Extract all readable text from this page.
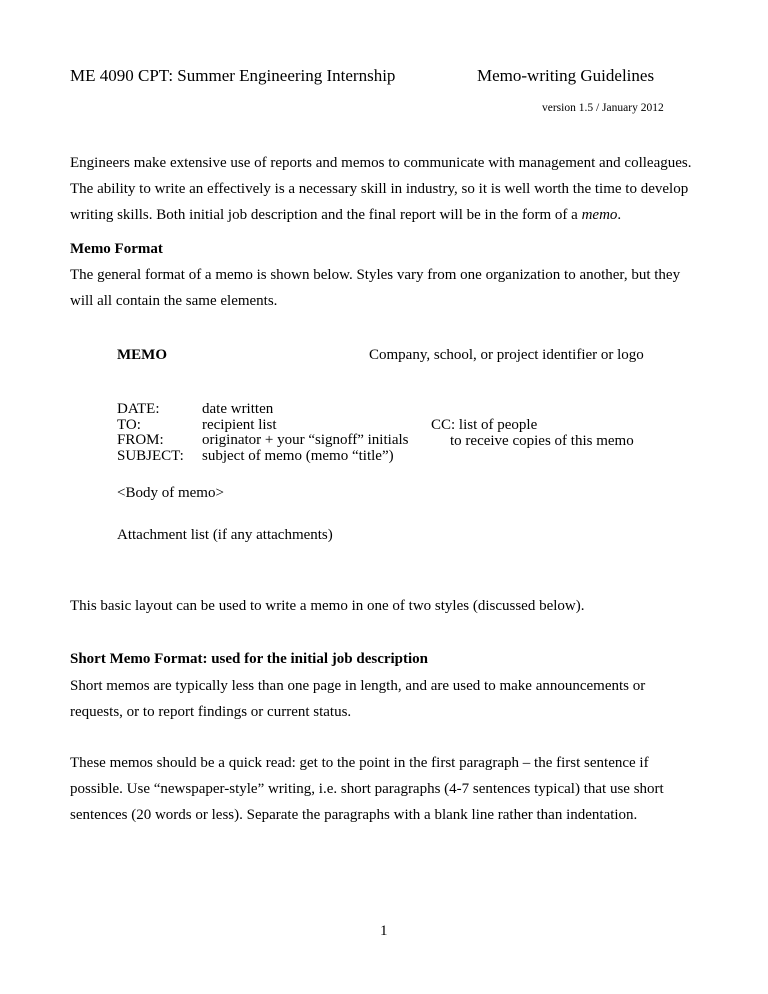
ME 4090 CPT: Summer Engineering Internship	Memo-writing Guidelines
version 1.5 / January 2012

Engineers make extensive use of reports and memos to communicate with management and colleagues.

The ability to write an effectively is a necessary skill in industry, so it is well worth the time to develop

writing skills. Both initial job description and the final report will be in the form of a memo.

Memo Format

The general format of a memo is shown below. Styles vary from one organization to another, but they

will all contain the same elements.

MEMO	Company, school, or project identifier or logo
DATE:
TO:
FROM:
SUBJECT:
date written
recipient list
originator + your “signoff” initials
subject of memo (memo “title”)
CC: list of people
to receive copies of this memo
<Body of memo>
Attachment list (if any attachments)
This basic layout can be used to write a memo in one of two styles (discussed below).
Short Memo Format: used for the initial job description

Short memos are typically less than one page in length, and are used to make announcements or

requests, or to report findings or current status.

These memos should be a quick read: get to the point in the first paragraph – the first sentence if

possible. Use “newspaper-style” writing, i.e. short paragraphs (4-7 sentences typical) that use short

sentences (20 words or less). Separate the paragraphs with a blank line rather than indentation.

1
